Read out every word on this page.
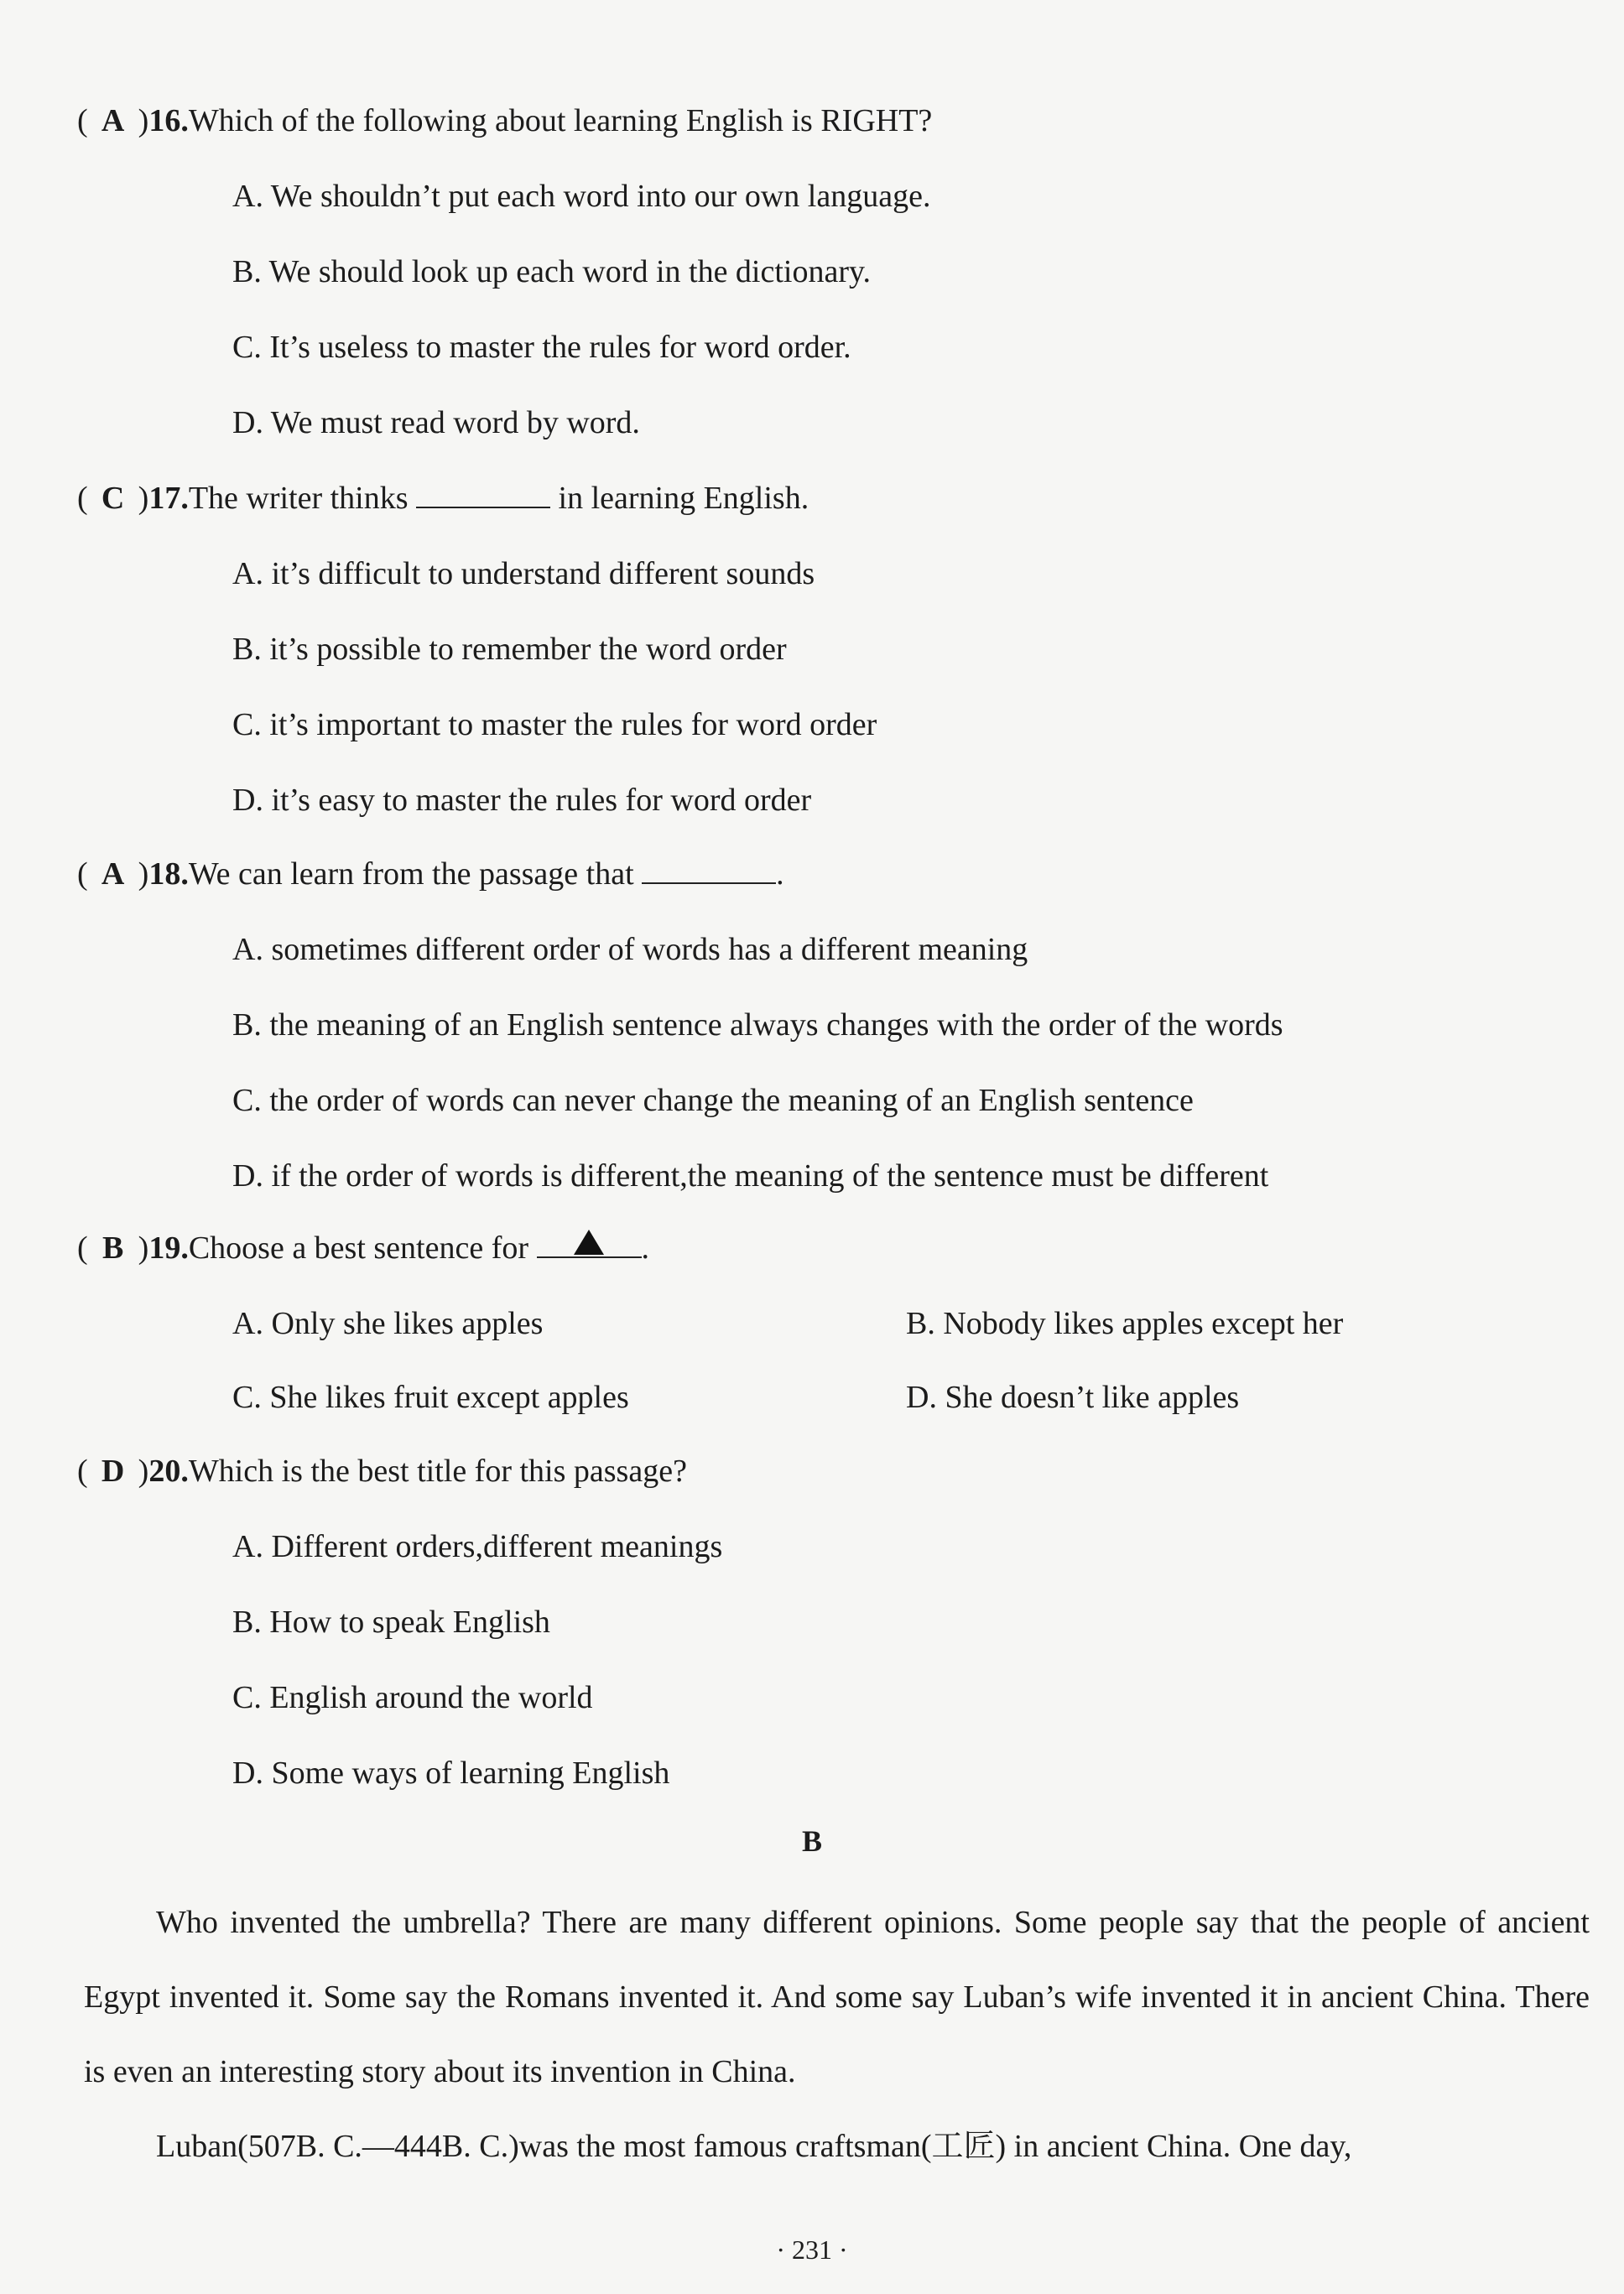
( A )16.Which of the following about learning English is RIGHT?
A. We shouldn’t put each word into our own language.
B. We should look up each word in the dictionary.
C. It’s useless to master the rules for word order.
D. We must read word by word.
( C )17.The writer thinks	in learning English.
A. it’s difficult to understand different sounds
B. it’s possible to remember the word order
C. it’s important to master the rules for word order
D. it’s easy to master the rules for word order
( A )18.We can learn from the passage that	.
A. sometimes different order of words has a different meaning
B. the meaning of an English sentence always changes with the order of the words
C. the order of words can never change the meaning of an English sentence
D. if the order of words is different,the meaning of the sentence must be different
( B )19.Choose a best sentence for	.
A. Only she likes apples	B. Nobody likes apples except her
C. She likes fruit except apples	D. She doesn’t like apples
( D )20.Which is the best title for this passage?
A. Different orders,different meanings
B. How to speak English
C. English around the world
D. Some ways of learning English
B
Who invented the umbrella? There are many different opinions. Some people say that the people of ancient Egypt invented it. Some say the Romans invented it. And some say Luban’s wife invented it in ancient China. There is even an interesting story about its invention in China.
Luban(507B. C.—444B. C.)was the most famous craftsman(工匠) in ancient China. One day,
· 231 ·
